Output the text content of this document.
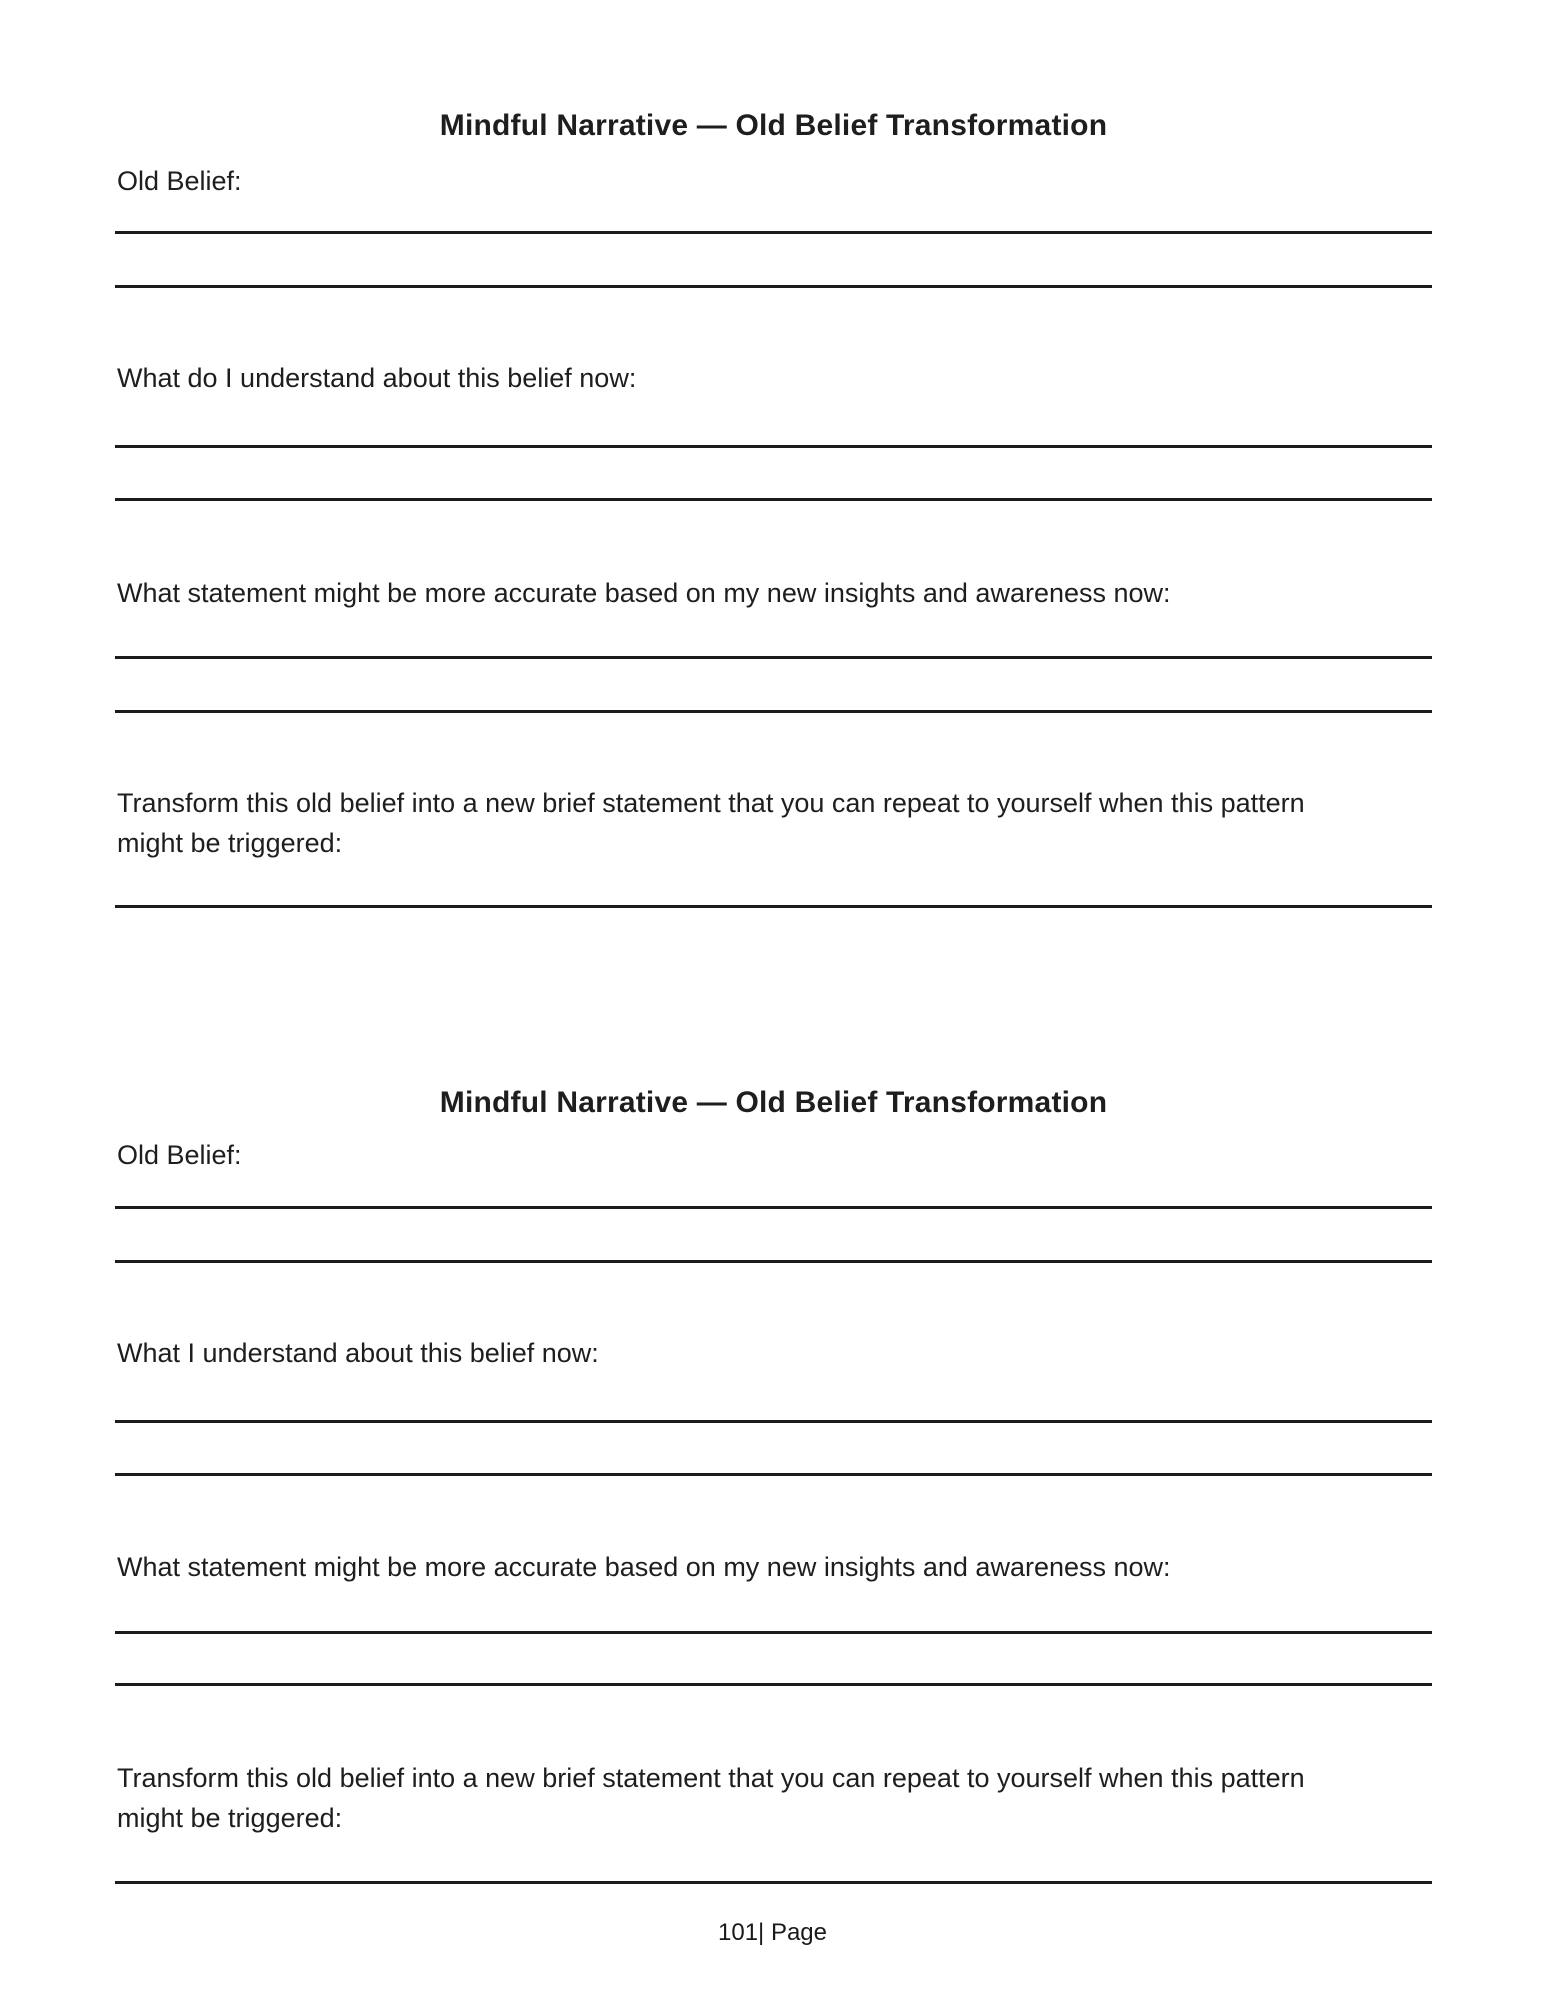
Mindful Narrative — Old Belief Transformation
Old Belief:
What do I understand about this belief now:
What statement might be more accurate based on my new insights and awareness now:
Transform this old belief into a new brief statement that you can repeat to yourself when this pattern
might be triggered:
Mindful Narrative — Old Belief Transformation
Old Belief:
What I understand about this belief now:
What statement might be more accurate based on my new insights and awareness now:
Transform this old belief into a new brief statement that you can repeat to yourself when this pattern
might be triggered:
101| Page
